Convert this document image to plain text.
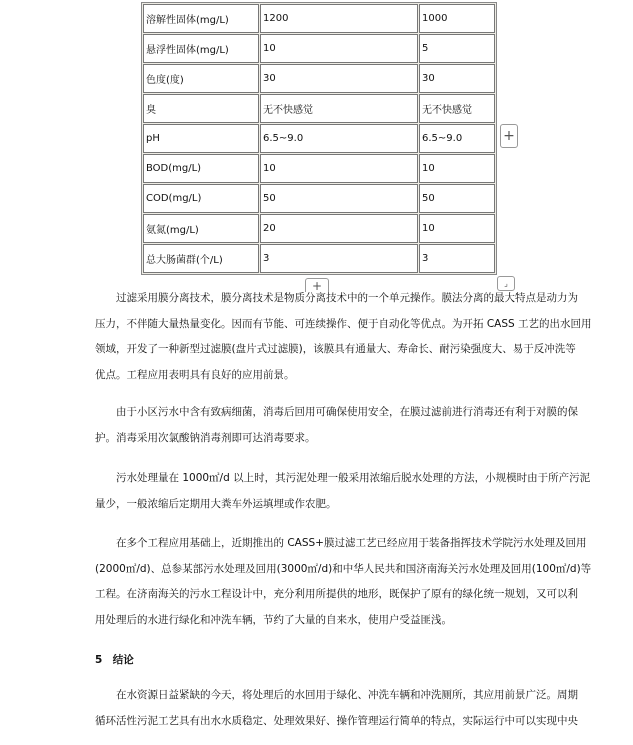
溶解性固体(mg/L)	1200	1000
悬浮性固体(mg/L)	10	5
色度(度)	30	30
臭	无不快感觉	无不快感觉
pH	6.5~9.0	6.5~9.0
BOD(mg/L)	10	10
COD(mg/L)	50	50
氨氮(mg/L)	20	10
总大肠菌群(个/L)	3	3
+
+	⌟
过滤采用膜分离技术，膜分离技术是物质分离技术中的一个单元操作。膜法分离的最大特点是动力为
压力，不伴随大量热量变化。因而有节能、可连续操作、便于自动化等优点。为开拓 CASS 工艺的出水回用
领域，开发了一种新型过滤膜(盘片式过滤膜)，该膜具有通量大、寿命长、耐污染强度大、易于反冲洗等
优点。工程应用表明具有良好的应用前景。
由于小区污水中含有致病细菌，消毒后回用可确保使用安全，在膜过滤前进行消毒还有利于对膜的保
护。消毒采用次氯酸钠消毒剂即可达消毒要求。
污水处理量在 1000㎡/d 以上时，其污泥处理一般采用浓缩后脱水处理的方法，小规模时由于所产污泥
量少，一般浓缩后定期用大粪车外运填埋或作农肥。
在多个工程应用基础上，近期推出的 CASS+膜过滤工艺已经应用于装备指挥技术学院污水处理及回用
(2000㎡/d)、总参某部污水处理及回用(3000㎡/d)和中华人民共和国济南海关污水处理及回用(100㎡/d)等
工程。在济南海关的污水工程设计中，充分利用所提供的地形，既保护了原有的绿化统一规划，又可以利
用处理后的水进行绿化和冲洗车辆，节约了大量的自来水，使用户受益匪浅。
5　结论
在水资源日益紧缺的今天，将处理后的水回用于绿化、冲洗车辆和冲洗厕所，其应用前景广泛。周期
循环活性污泥工艺具有出水水质稳定、处理效果好、操作管理运行简单的特点，实际运行中可以实现中央
